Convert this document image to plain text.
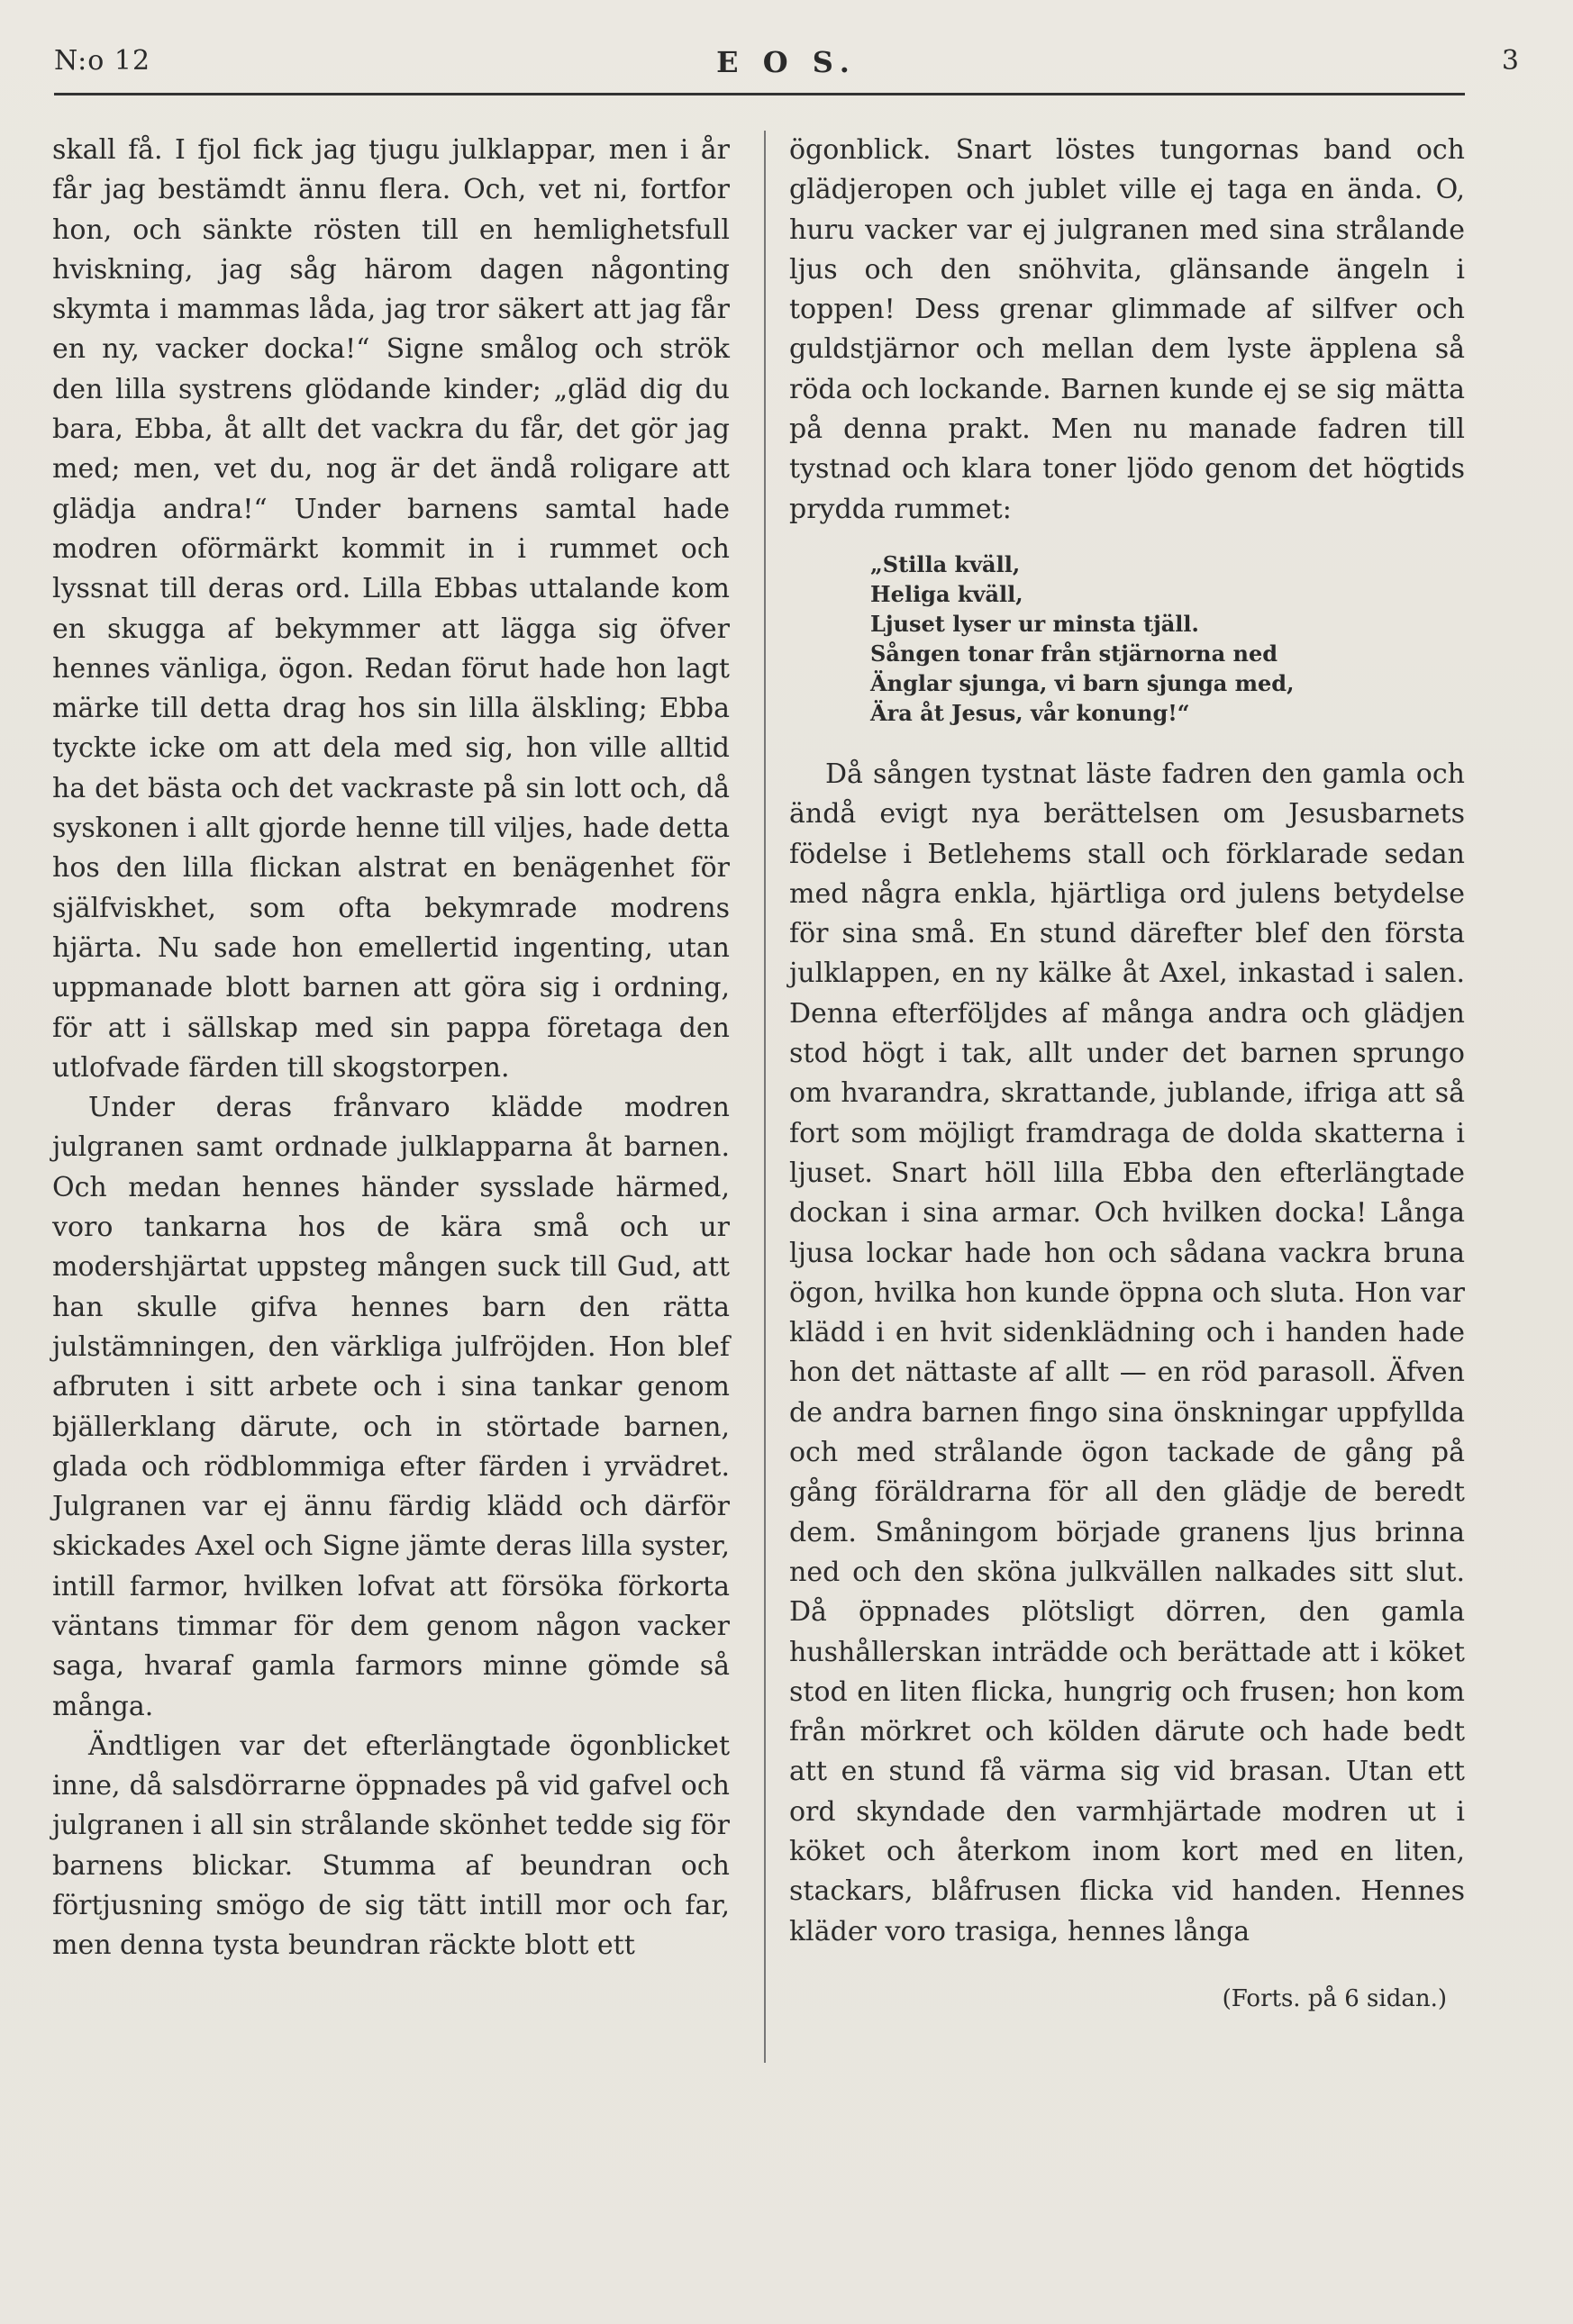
N:o 12	E O S.	3

skall få. I fjol fick jag tjugu julklappar, men i år får jag bestämdt ännu flera. Och, vet ni, fortfor hon, och sänkte rösten till en hemlighetsfull hviskning, jag såg härom dagen någonting skymta i mammas låda, jag tror säkert att jag får en ny, vacker docka!“ Signe smålog och strök den lilla systrens glödande kinder; „gläd dig du bara, Ebba, åt allt det vackra du får, det gör jag med; men, vet du, nog är det ändå roligare att glädja andra!“ Under barnens samtal hade modren oförmärkt kommit in i rummet och lyssnat till deras ord. Lilla Ebbas uttalande kom en skugga af bekymmer att lägga sig öfver hennes vänliga, ögon. Redan förut hade hon lagt märke till detta drag hos sin lilla älskling; Ebba tyckte icke om att dela med sig, hon ville alltid ha det bästa och det vackraste på sin lott och, då syskonen i allt gjorde henne till viljes, hade detta hos den lilla flickan alstrat en benägenhet för själfviskhet, som ofta bekymrade modrens hjärta. Nu sade hon emellertid ingenting, utan uppmanade blott barnen att göra sig i ordning, för att i sällskap med sin pappa företaga den utlofvade färden till skogstorpen.

Under deras frånvaro klädde modren julgranen samt ordnade julklapparna åt barnen. Och medan hennes händer sysslade härmed, voro tankarna hos de kära små och ur modershjärtat uppsteg mången suck till Gud, att han skulle gifva hennes barn den rätta julstämningen, den värkliga julfröjden. Hon blef afbruten i sitt arbete och i sina tankar genom bjällerklang därute, och in störtade barnen, glada och rödblommiga efter färden i yrvädret. Julgranen var ej ännu färdig klädd och därför skickades Axel och Signe jämte deras lilla syster, intill farmor, hvilken lofvat att försöka förkorta väntans timmar för dem genom någon vacker saga, hvaraf gamla farmors minne gömde så många.

Ändtligen var det efterlängtade ögonblicket inne, då salsdörrarne öppnades på vid gafvel och julgranen i all sin strålande skönhet tedde sig för barnens blickar. Stumma af beundran och förtjusning smögo de sig tätt intill mor och far, men denna tysta beundran räckte blott ett

ögonblick. Snart löstes tungornas band och glädjeropen och jublet ville ej taga en ända. O, huru vacker var ej julgranen med sina strålande ljus och den snöhvita, glänsande ängeln i toppen! Dess grenar glimmade af silfver och guldstjärnor och mellan dem lyste äpplena så röda och lockande. Barnen kunde ej se sig mätta på denna prakt. Men nu manade fadren till tystnad och klara toner ljödo genom det högtids prydda rummet:

„Stilla kväll,
Heliga kväll,
Ljuset lyser ur minsta tjäll.
Sången tonar från stjärnorna ned
Änglar sjunga, vi barn sjunga med,
Ära åt Jesus, vår konung!“

Då sången tystnat läste fadren den gamla och ändå evigt nya berättelsen om Jesusbarnets födelse i Betlehems stall och förklarade sedan med några enkla, hjärtliga ord julens betydelse för sina små. En stund därefter blef den första julklappen, en ny kälke åt Axel, inkastad i salen. Denna efterföljdes af många andra och glädjen stod högt i tak, allt under det barnen sprungo om hvarandra, skrattande, jublande, ifriga att så fort som möjligt framdraga de dolda skatterna i ljuset. Snart höll lilla Ebba den efterlängtade dockan i sina armar. Och hvilken docka! Långa ljusa lockar hade hon och sådana vackra bruna ögon, hvilka hon kunde öppna och sluta. Hon var klädd i en hvit sidenklädning och i handen hade hon det nättaste af allt — en röd parasoll. Äfven de andra barnen fingo sina önskningar uppfyllda och med strålande ögon tackade de gång på gång föräldrarna för all den glädje de beredt dem. Småningom började granens ljus brinna ned och den sköna julkvällen nalkades sitt slut. Då öppnades plötsligt dörren, den gamla hushållerskan inträdde och berättade att i köket stod en liten flicka, hungrig och frusen; hon kom från mörkret och kölden därute och hade bedt att en stund få värma sig vid brasan. Utan ett ord skyndade den varmhjärtade modren ut i köket och återkom inom kort med en liten, stackars, blåfrusen flicka vid handen. Hennes kläder voro trasiga, hennes långa

(Forts. på 6 sidan.)
